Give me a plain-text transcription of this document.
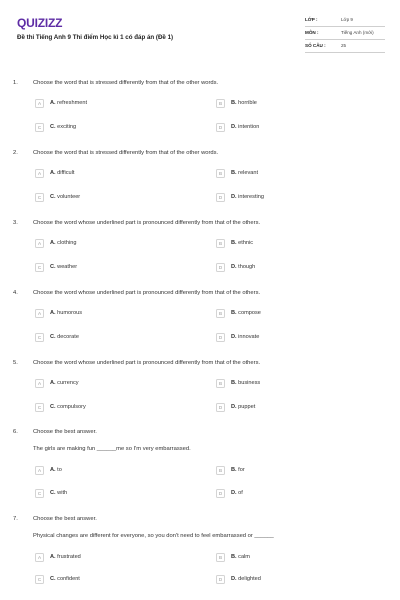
QUIZIZZ
Đề thi Tiếng Anh 9 Thi điểm Học kì 1 có đáp án (Đề 1)
LỚP :	Lớp 9
MÔN :	Tiếng Anh (mới)
SỐ CÂU :	25
1.	Choose the word that is stressed differently from that of the other words.
A	A. refreshment	B	B. horrible
C	C. exciting	D	D. intention
2.	Choose the word that is stressed differently from that of the other words.
A	A. difficult	B	B. relevant
C	C. volunteer	D	D. interesting
3.	Choose the word whose underlined part is pronounced differently from that of the others.
A	A. clothing	B	B. ethnic
C	C. weather	D	D. though
4.	Choose the word whose underlined part is pronounced differently from that of the others.
A	A. humorous	B	B. compose
C	C. decorate	D	D. innovate
5.	Choose the word whose underlined part is pronounced differently from that of the others.
A	A. currency	B	B. business
C	C. compulsory	D	D. puppet
6.	Choose the best answer.
The girls are making fun ______me so I'm very embarrassed.
A	A. to	B	B. for
C	C. with	D	D. of
7.	Choose the best answer.
Physical changes are different for everyone, so you don't need to feel embarrassed or ______
A	A. frustrated	B	B. calm
C	C. confident	D	D. delighted
